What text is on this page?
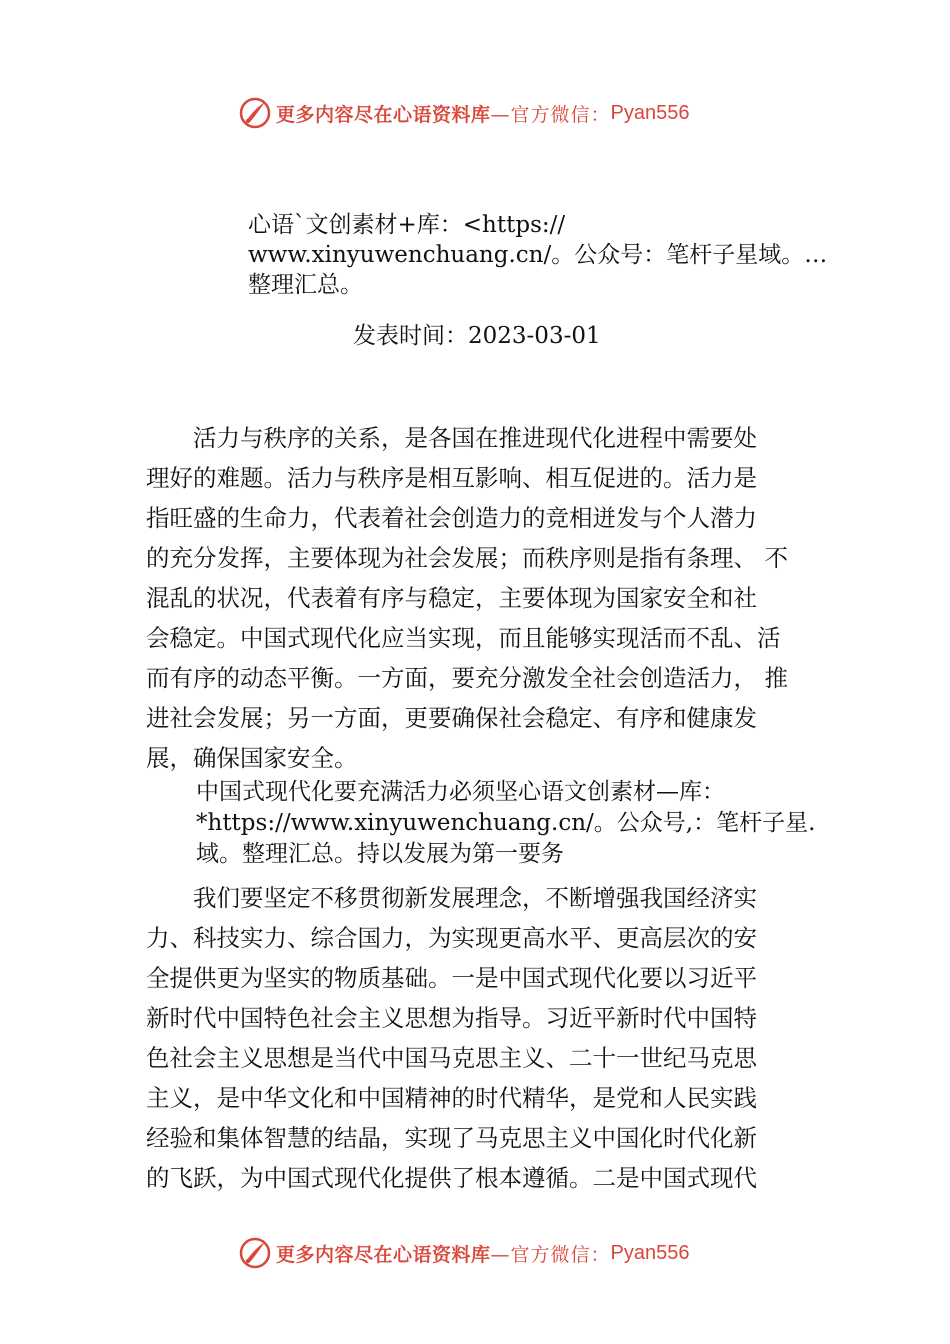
更多内容尽在心语资料库 —官方微信： Pyan556
心语`文创素材+库：<https://
www.xinyuwenchuang.cn/。公众号：笔杆子星域。…
整理汇总。
发表时间：2023-03-01
　　活力与秩序的关系，是各国在推进现代化进程中需要处
理好的难题。活力与秩序是相互影响、相互促进的。活力是
指旺盛的生命力，代表着社会创造力的竞相迸发与个人潜力
的充分发挥，主要体现为社会发展；而秩序则是指有条理、 不
混乱的状况，代表着有序与稳定，主要体现为国家安全和社
会稳定。中国式现代化应当实现，而且能够实现活而不乱、活
而有序的动态平衡。一方面，要充分激发全社会创造活力， 推
进社会发展；另一方面，更要确保社会稳定、有序和健康发
展，确保国家安全。
中国式现代化要充满活力必须坚心语文创素材—库：
*https://www.xinyuwenchuang.cn/。公众号,：笔杆子星.
域。整理汇总。持以发展为第一要务
　　我们要坚定不移贯彻新发展理念，不断增强我国经济实
力、科技实力、综合国力，为实现更高水平、更高层次的安
全提供更为坚实的物质基础。一是中国式现代化要以习近平
新时代中国特色社会主义思想为指导。习近平新时代中国特
色社会主义思想是当代中国马克思主义、二十一世纪马克思
主义，是中华文化和中国精神的时代精华，是党和人民实践
经验和集体智慧的结晶，实现了马克思主义中国化时代化新
的飞跃，为中国式现代化提供了根本遵循。二是中国式现代
更多内容尽在心语资料库 —官方微信： Pyan556
